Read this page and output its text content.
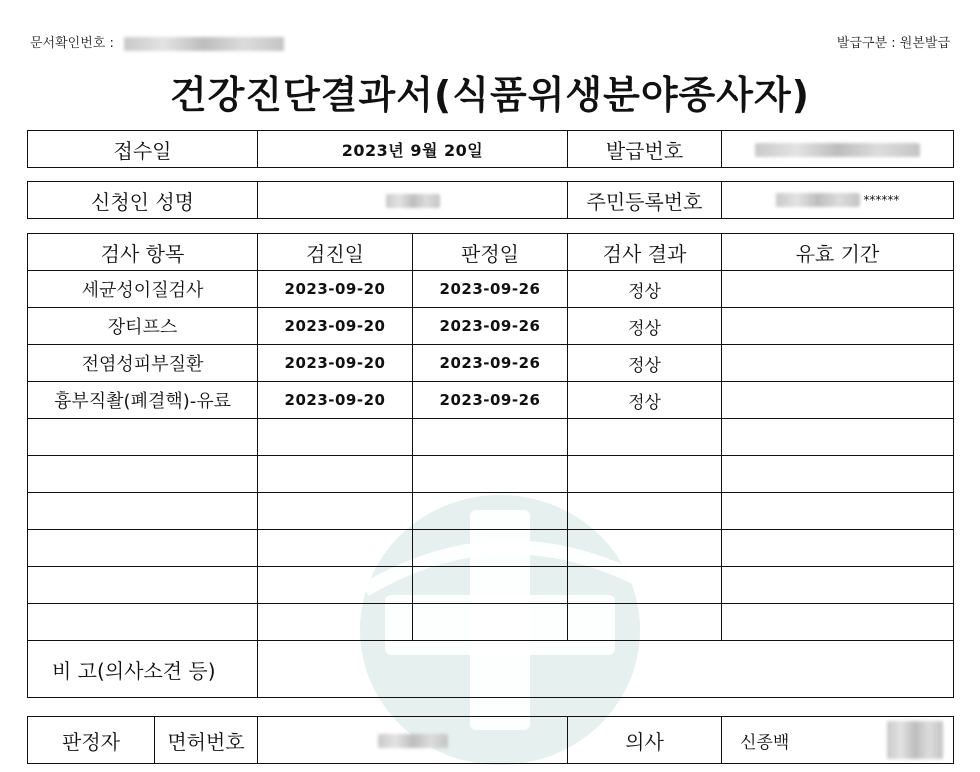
문서확인번호 :	발급구분 : 원본발급
건강진단결과서(식품위생분야종사자)
접수일	2023년 9월 20일	발급번호	
신청인 성명		주민등록번호	******
검사 항목	검진일	판정일	검사 결과	유효 기간
세균성이질검사	2023-09-20	2023-09-26	정상	
장티프스	2023-09-20	2023-09-26	정상	
전염성피부질환	2023-09-20	2023-09-26	정상	
흉부직촬(폐결핵)-유료	2023-09-20	2023-09-26	정상	

비 고(의사소견 등)				
판정자	면허번호		의사	신종백
